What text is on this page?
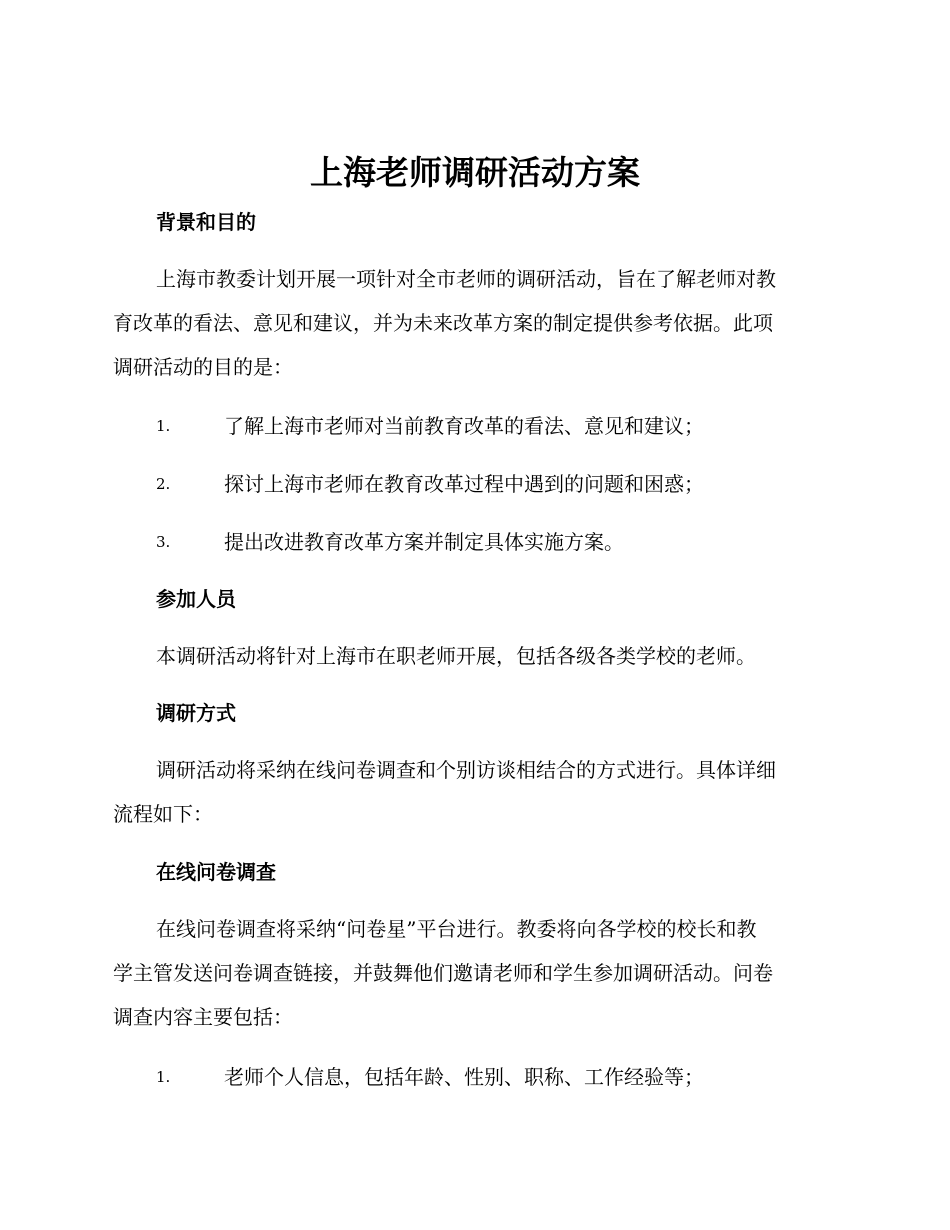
上海老师调研活动方案
背景和目的

上海市教委计划开展一项针对全市老师的调研活动，旨在了解老师对教
育改革的看法、意见和建议，并为未来改革方案的制定提供参考依据。此项
调研活动的目的是：

1.	了解上海市老师对当前教育改革的看法、意见和建议；
2.	探讨上海市老师在教育改革过程中遇到的问题和困惑；
3.	提出改进教育改革方案并制定具体实施方案。
参加人员

本调研活动将针对上海市在职老师开展，包括各级各类学校的老师。

调研方式

调研活动将采纳在线问卷调查和个别访谈相结合的方式进行。具体详细
流程如下：

在线问卷调查

在线问卷调查将采纳“问卷星”平台进行。教委将向各学校的校长和教
学主管发送问卷调查链接，并鼓舞他们邀请老师和学生参加调研活动。问卷
调查内容主要包括：

1.	老师个人信息，包括年龄、性别、职称、工作经验等；
